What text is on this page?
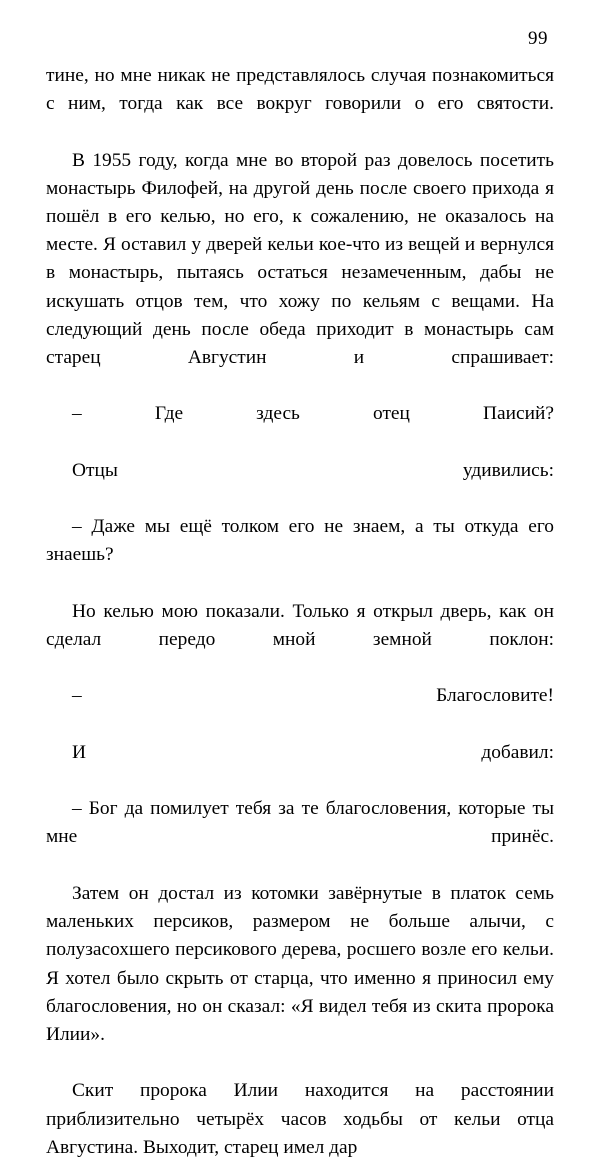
99

тине, но мне никак не представлялось случая познакомиться с ним, тогда как все вокруг говорили о его святости.

В 1955 году, когда мне во второй раз довелось посетить монастырь Филофей, на другой день после своего прихода я пошёл в его келью, но его, к сожалению, не оказалось на месте. Я оставил у дверей кельи кое-что из вещей и вернулся в монастырь, пытаясь остаться незамеченным, дабы не искушать отцов тем, что хожу по кельям с вещами. На следующий день после обеда приходит в монастырь сам старец Августин и спрашивает:

– Где здесь отец Паисий?

Отцы удивились:

– Даже мы ещё толком его не знаем, а ты откуда его знаешь?

Но келью мою показали. Только я открыл дверь, как он сделал передо мной земной поклон:

– Благословите!

И добавил:

– Бог да помилует тебя за те благословения, которые ты мне принёс.

Затем он достал из котомки завёрнутые в платок семь маленьких персиков, размером не больше алычи, с полузасохшего персикового дерева, росшего возле его кельи. Я хотел было скрыть от старца, что именно я приносил ему благословения, но он сказал: «Я видел тебя из скита пророка Илии».

Скит пророка Илии находится на расстоянии приблизительно четырёх часов ходьбы от кельи отца Августина. Выходит, старец имел дар
